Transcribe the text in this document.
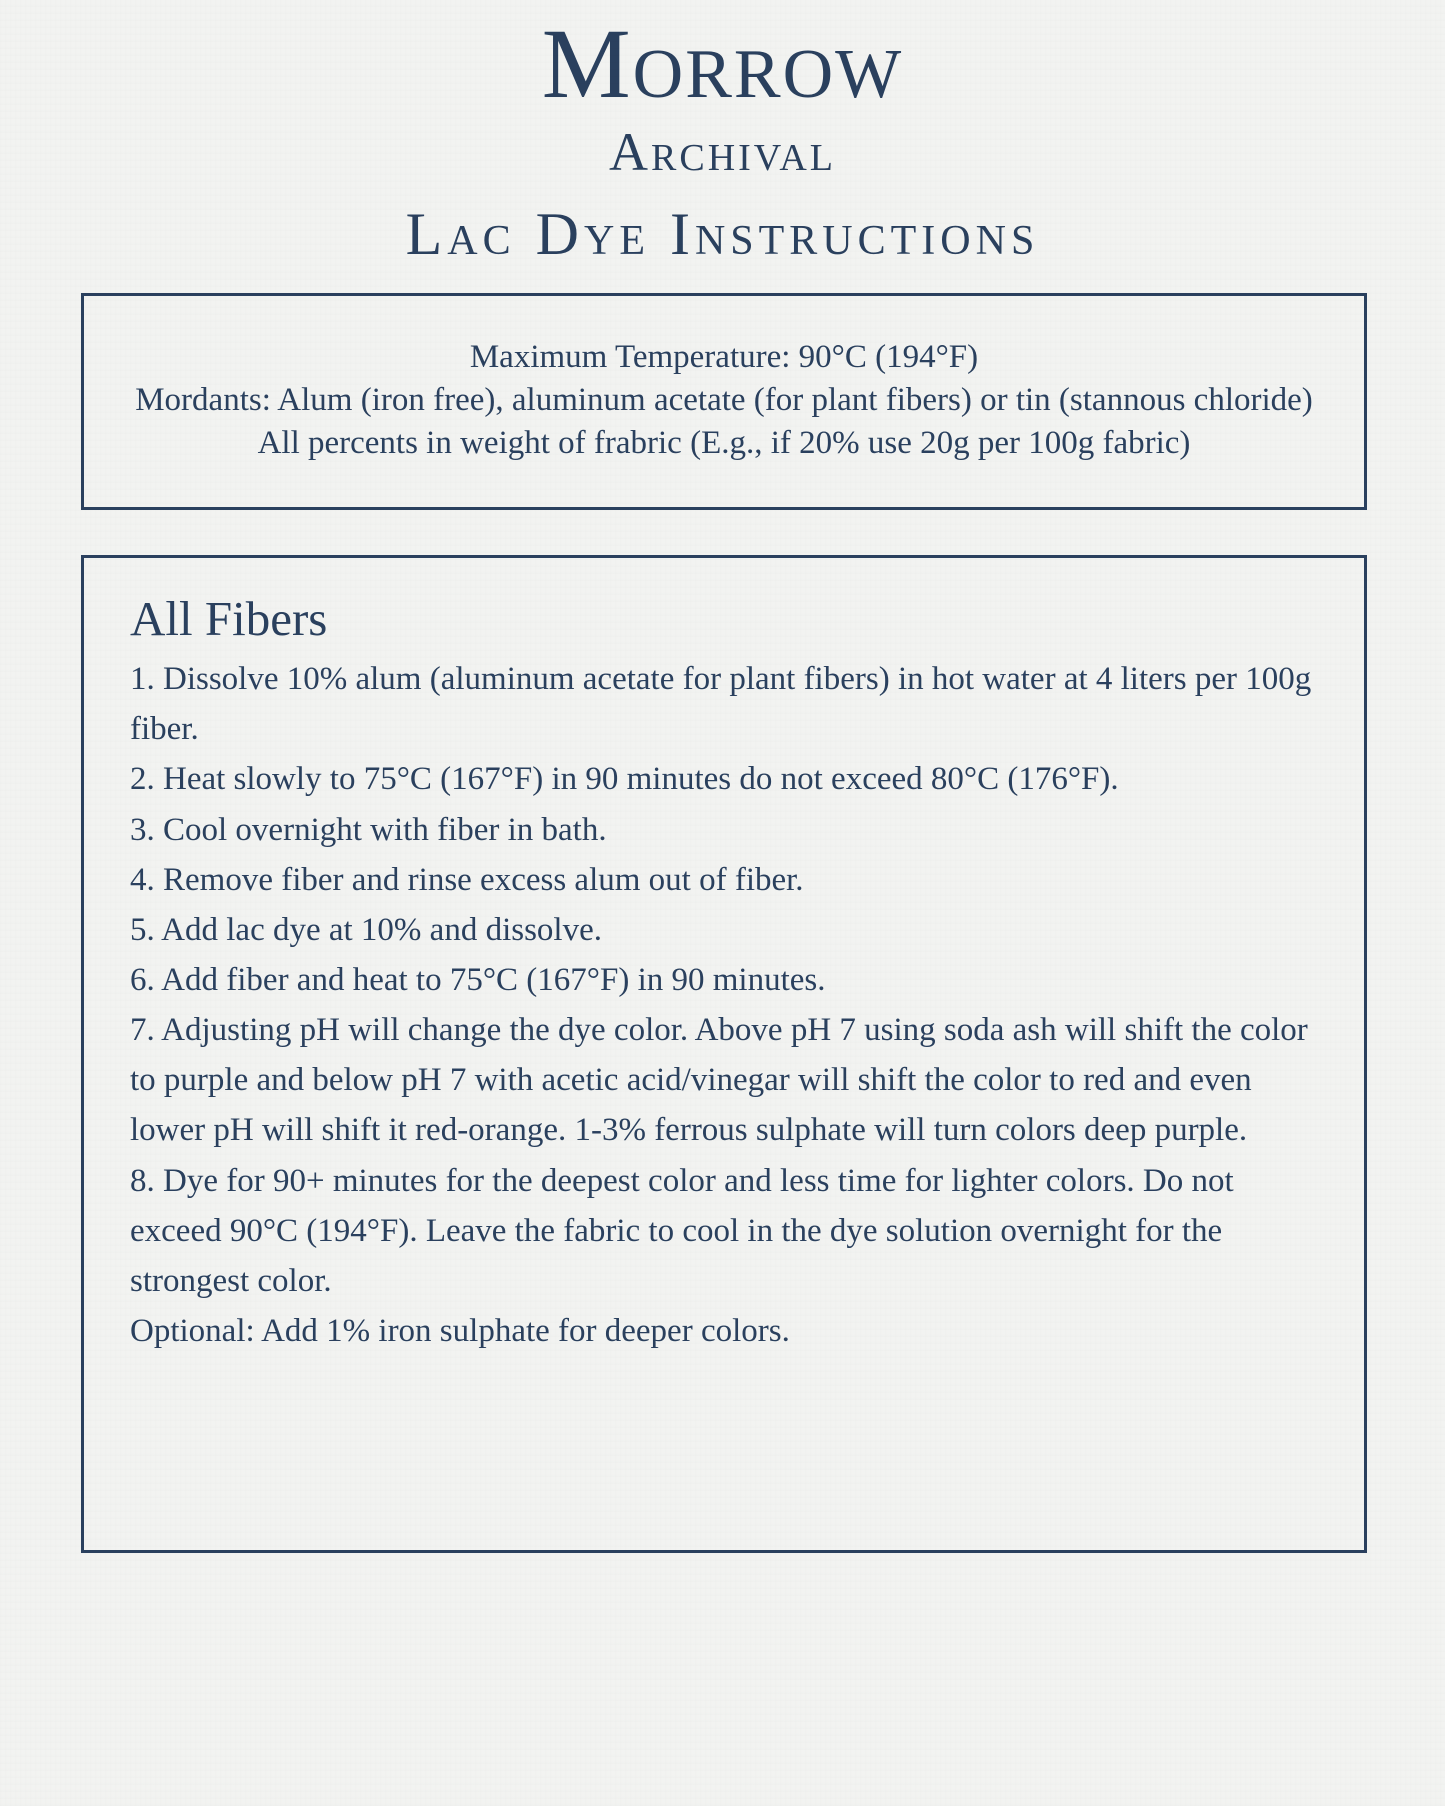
Morrow
Archival
Lac Dye Instructions

Maximum Temperature: 90°C (194°F)

Mordants: Alum (iron free), aluminum acetate (for plant fibers) or tin (stannous chloride)

All percents in weight of frabric (E.g., if 20% use 20g per 100g fabric)

All Fibers

1. Dissolve 10% alum (aluminum acetate for plant fibers) in hot water at 4 liters per 100g fiber.

2. Heat slowly to 75°C (167°F) in 90 minutes do not exceed 80°C (176°F).

3. Cool overnight with fiber in bath.

4. Remove fiber and rinse excess alum out of fiber.

5. Add lac dye at 10% and dissolve.

6. Add fiber and heat to 75°C (167°F) in 90 minutes.

7. Adjusting pH will change the dye color. Above pH 7 using soda ash will shift the color to purple and below pH 7 with acetic acid/vinegar will shift the color to red and even lower pH will shift it red-orange. 1-3% ferrous sulphate will turn colors deep purple.

8. Dye for 90+ minutes for the deepest color and less time for lighter colors. Do not exceed 90°C (194°F). Leave the fabric to cool in the dye solution overnight for the strongest color.

Optional: Add 1% iron sulphate for deeper colors.
